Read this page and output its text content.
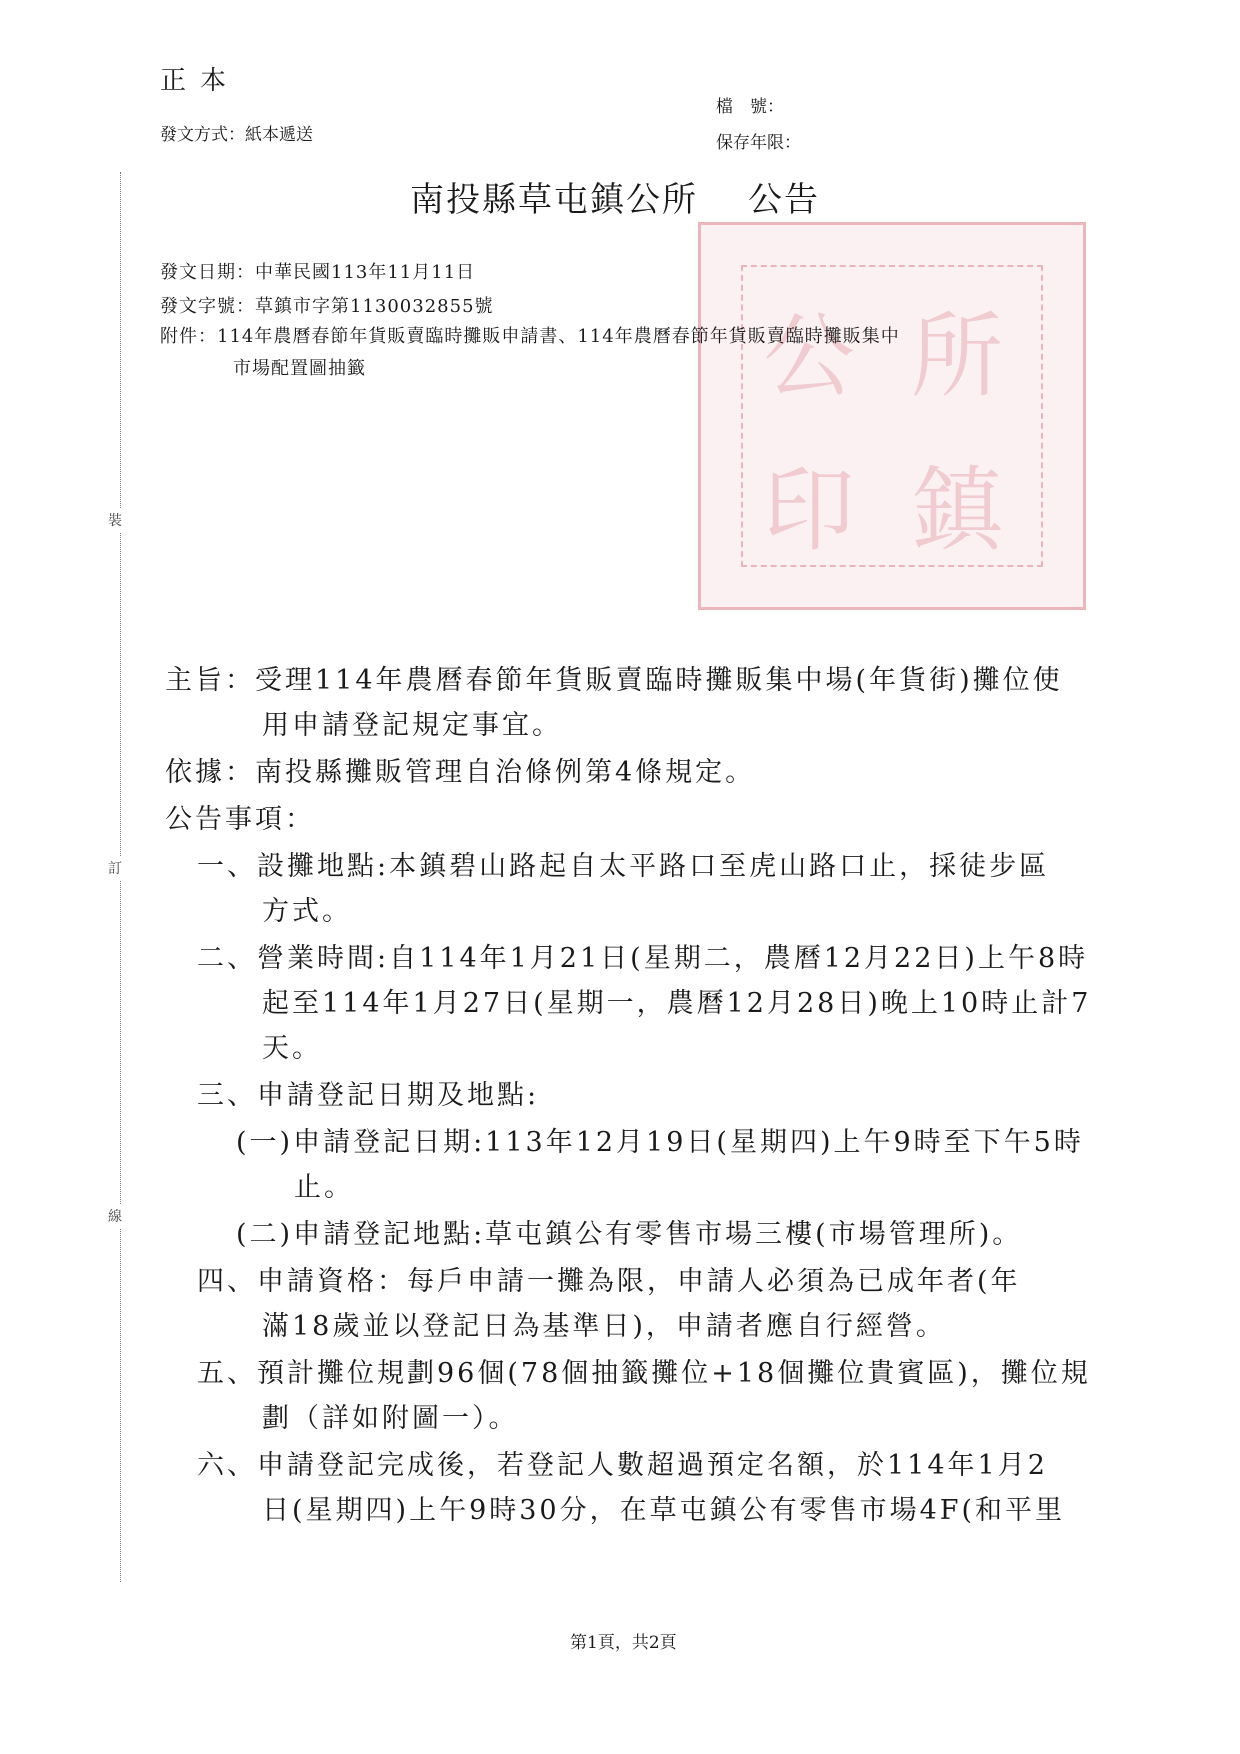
正本
發文方式：紙本遞送
檔　號：
保存年限：
裝
訂
線
南投縣草屯鎮公所 公告
公 所
印 鎮
發文日期：中華民國113年11月11日
發文字號：草鎮市字第1130032855號
附件：114年農曆春節年貨販賣臨時攤販申請書、114年農曆春節年貨販賣臨時攤販集中
市場配置圖抽籤
主旨：受理114年農曆春節年貨販賣臨時攤販集中場(年貨街)攤位使
用申請登記規定事宜。
依據：南投縣攤販管理自治條例第4條規定。
公告事項：
一、設攤地點:本鎮碧山路起自太平路口至虎山路口止，採徒步區
方式。
二、營業時間:自114年1月21日(星期二，農曆12月22日)上午8時
起至114年1月27日(星期一，農曆12月28日)晚上10時止計7
天。
三、申請登記日期及地點:
(一)申請登記日期:113年12月19日(星期四)上午9時至下午5時
止。
(二)申請登記地點:草屯鎮公有零售市場三樓(市場管理所)。
四、申請資格：每戶申請一攤為限，申請人必須為已成年者(年
滿18歲並以登記日為基準日)，申請者應自行經營。
五、預計攤位規劃96個(78個抽籤攤位+18個攤位貴賓區)，攤位規
劃（詳如附圖一）。
六、申請登記完成後，若登記人數超過預定名額，於114年1月2
日(星期四)上午9時30分，在草屯鎮公有零售市場4F(和平里
第1頁，共2頁
